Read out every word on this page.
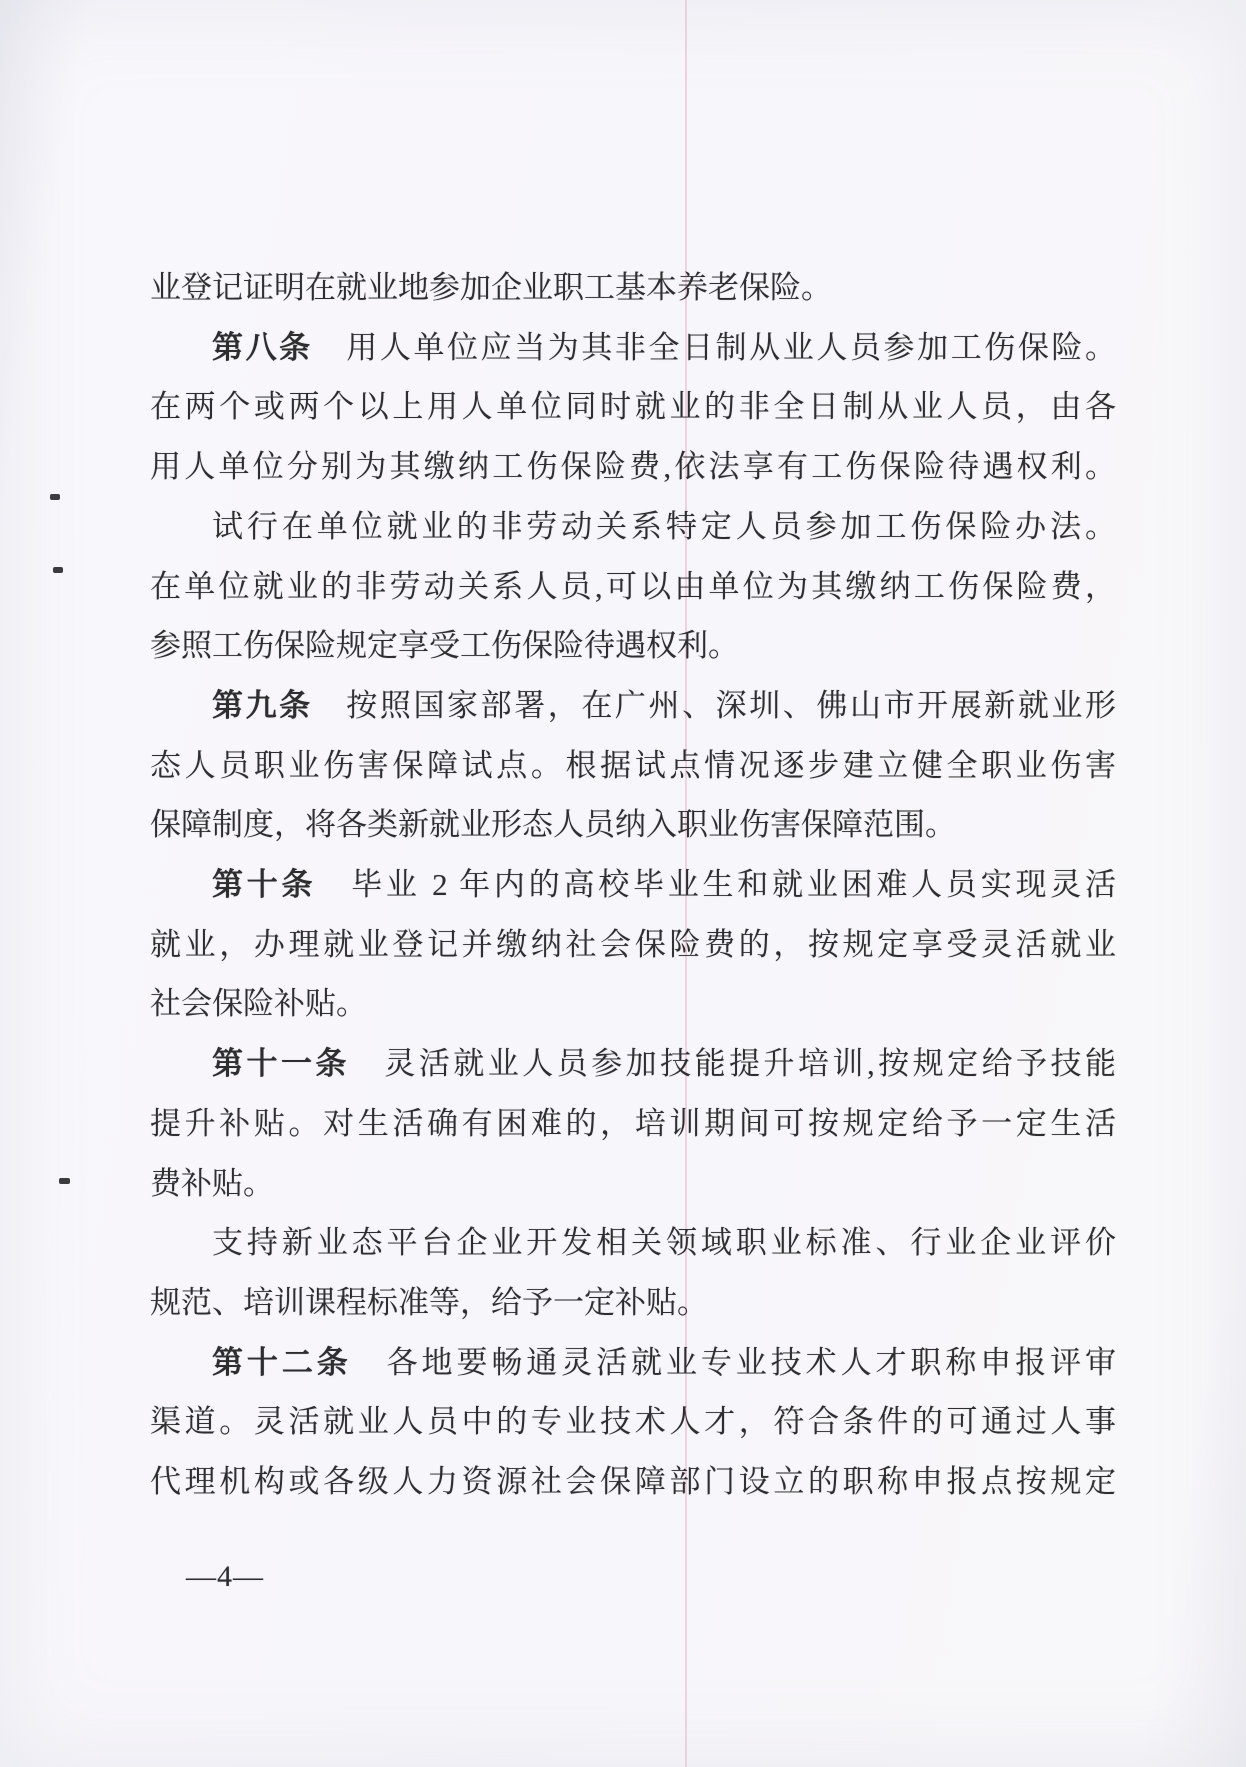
业登记证明在就业地参加企业职工基本养老保险。
第八条　用人单位应当为其非全日制从业人员参加工伤保险。
在两个或两个以上用人单位同时就业的非全日制从业人员，由各
用人单位分别为其缴纳工伤保险费,依法享有工伤保险待遇权利。
试行在单位就业的非劳动关系特定人员参加工伤保险办法。
在单位就业的非劳动关系人员,可以由单位为其缴纳工伤保险费，
参照工伤保险规定享受工伤保险待遇权利。
第九条　按照国家部署，在广州、深圳、佛山市开展新就业形
态人员职业伤害保障试点。根据试点情况逐步建立健全职业伤害
保障制度，将各类新就业形态人员纳入职业伤害保障范围。
第十条　毕业 2 年内的高校毕业生和就业困难人员实现灵活
就业，办理就业登记并缴纳社会保险费的，按规定享受灵活就业
社会保险补贴。
第十一条　灵活就业人员参加技能提升培训,按规定给予技能
提升补贴。对生活确有困难的，培训期间可按规定给予一定生活
费补贴。
支持新业态平台企业开发相关领域职业标准、行业企业评价
规范、培训课程标准等，给予一定补贴。
第十二条　各地要畅通灵活就业专业技术人才职称申报评审
渠道。灵活就业人员中的专业技术人才，符合条件的可通过人事
代理机构或各级人力资源社会保障部门设立的职称申报点按规定
—4—
